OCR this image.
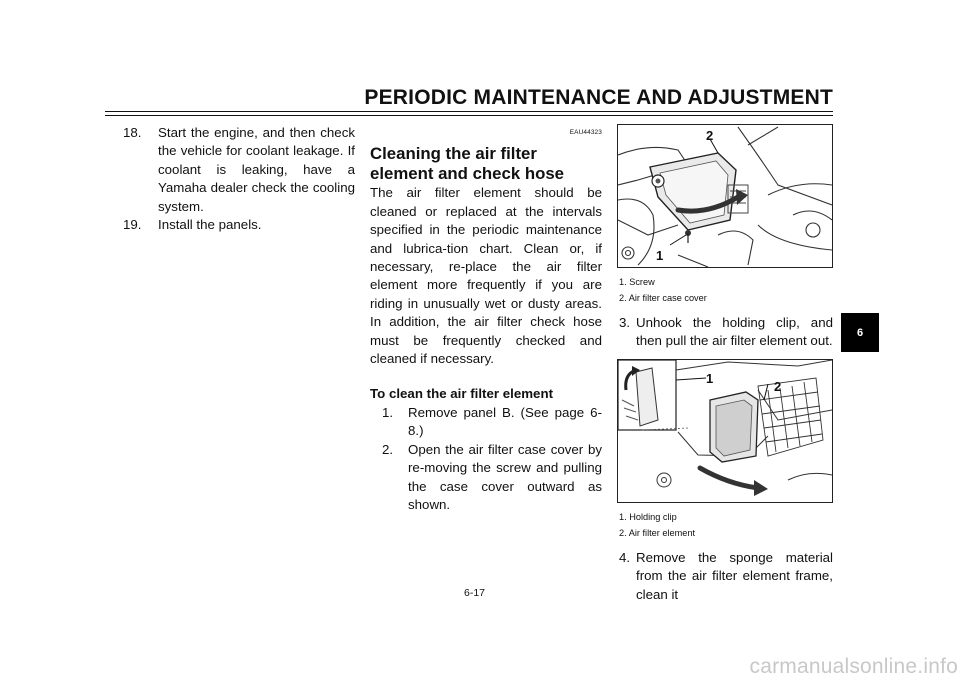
PERIODIC MAINTENANCE AND ADJUSTMENT
18.	Start the engine, and then check the vehicle for coolant leakage. If coolant is leaking, have a Yamaha dealer check the cooling system.
19.	Install the panels.
EAU44323
Cleaning the air filter element and check hose

The air filter element should be cleaned or replaced at the intervals specified in the periodic maintenance and lubrica-tion chart. Clean or, if necessary, re-place the air filter element more frequently if you are riding in unusually wet or dusty areas. In addition, the air filter check hose must be frequently checked and cleaned if necessary.

To clean the air filter element
1.	Remove panel B. (See page 6-8.)
2.	Open the air filter case cover by re-moving the screw and pulling the case cover outward as shown.
1
2
1. Screw
2. Air filter case cover
3. Unhook the holding clip, and then pull the air filter element out.
1
2
1. Holding clip
2. Air filter element
4. Remove the sponge material from the air filter element frame, clean it
6
6-17
carmanualsonline.info
